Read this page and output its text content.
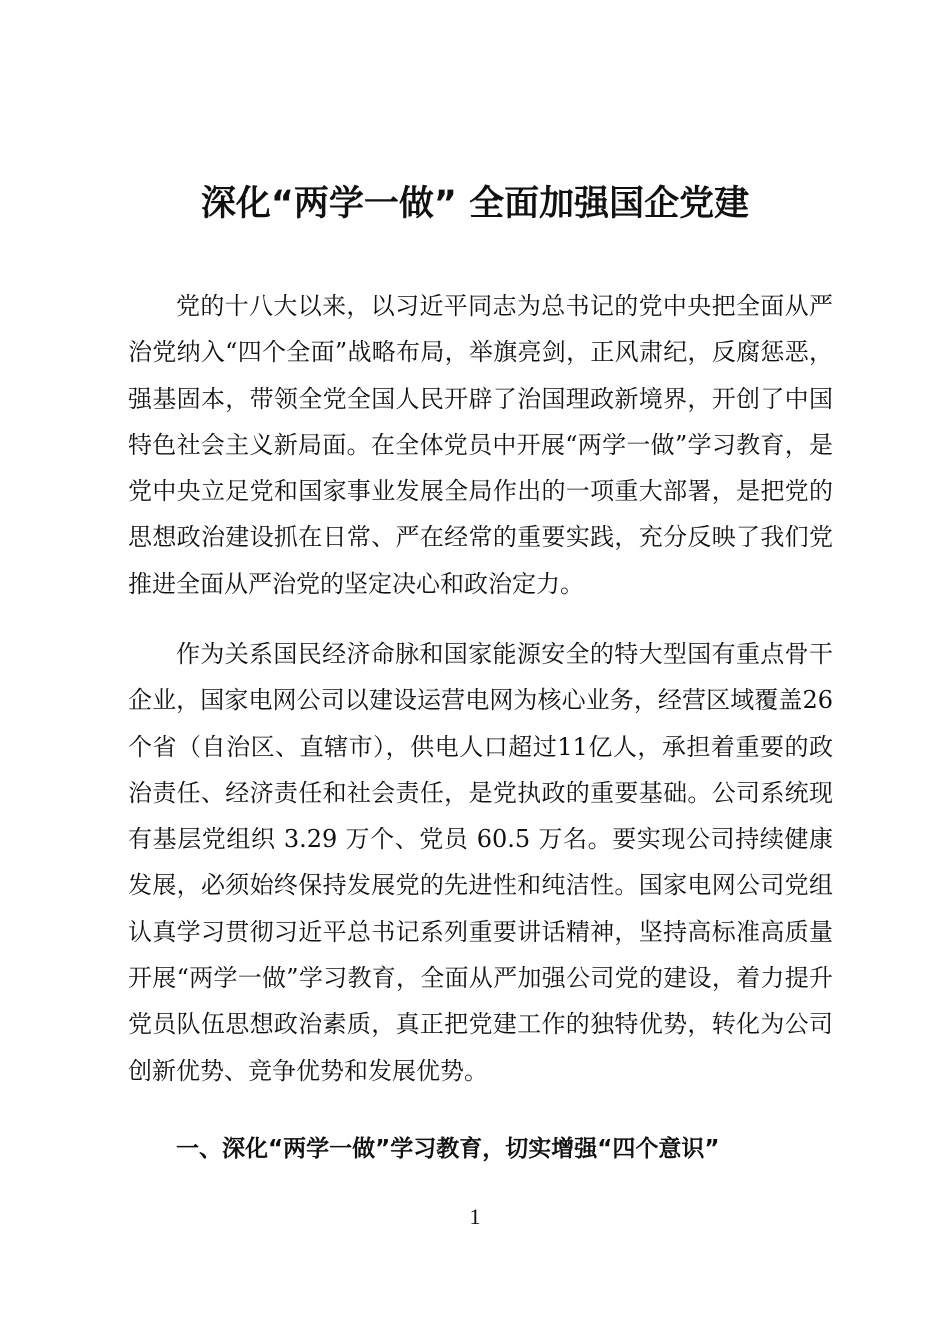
深化“两学一做” 全面加强国企党建

党的十八大以来，以习近平同志为总书记的党中央把全面从严治党纳入“四个全面”战略布局，举旗亮剑，正风肃纪，反腐惩恶，强基固本，带领全党全国人民开辟了治国理政新境界，开创了中国特色社会主义新局面。在全体党员中开展“两学一做”学习教育，是党中央立足党和国家事业发展全局作出的一项重大部署，是把党的思想政治建设抓在日常、严在经常的重要实践，充分反映了我们党推进全面从严治党的坚定决心和政治定力。

作为关系国民经济命脉和国家能源安全的特大型国有重点骨干企业，国家电网公司以建设运营电网为核心业务，经营区域覆盖26个省（自治区、直辖市），供电人口超过11亿人，承担着重要的政治责任、经济责任和社会责任，是党执政的重要基础。公司系统现有基层党组织 3.29 万个、党员 60.5 万名。要实现公司持续健康发展，必须始终保持发展党的先进性和纯洁性。国家电网公司党组认真学习贯彻习近平总书记系列重要讲话精神，坚持高标准高质量开展“两学一做”学习教育，全面从严加强公司党的建设，着力提升党员队伍思想政治素质，真正把党建工作的独特优势，转化为公司创新优势、竞争优势和发展优势。

一、深化“两学一做”学习教育，切实增强“四个意识”
1
